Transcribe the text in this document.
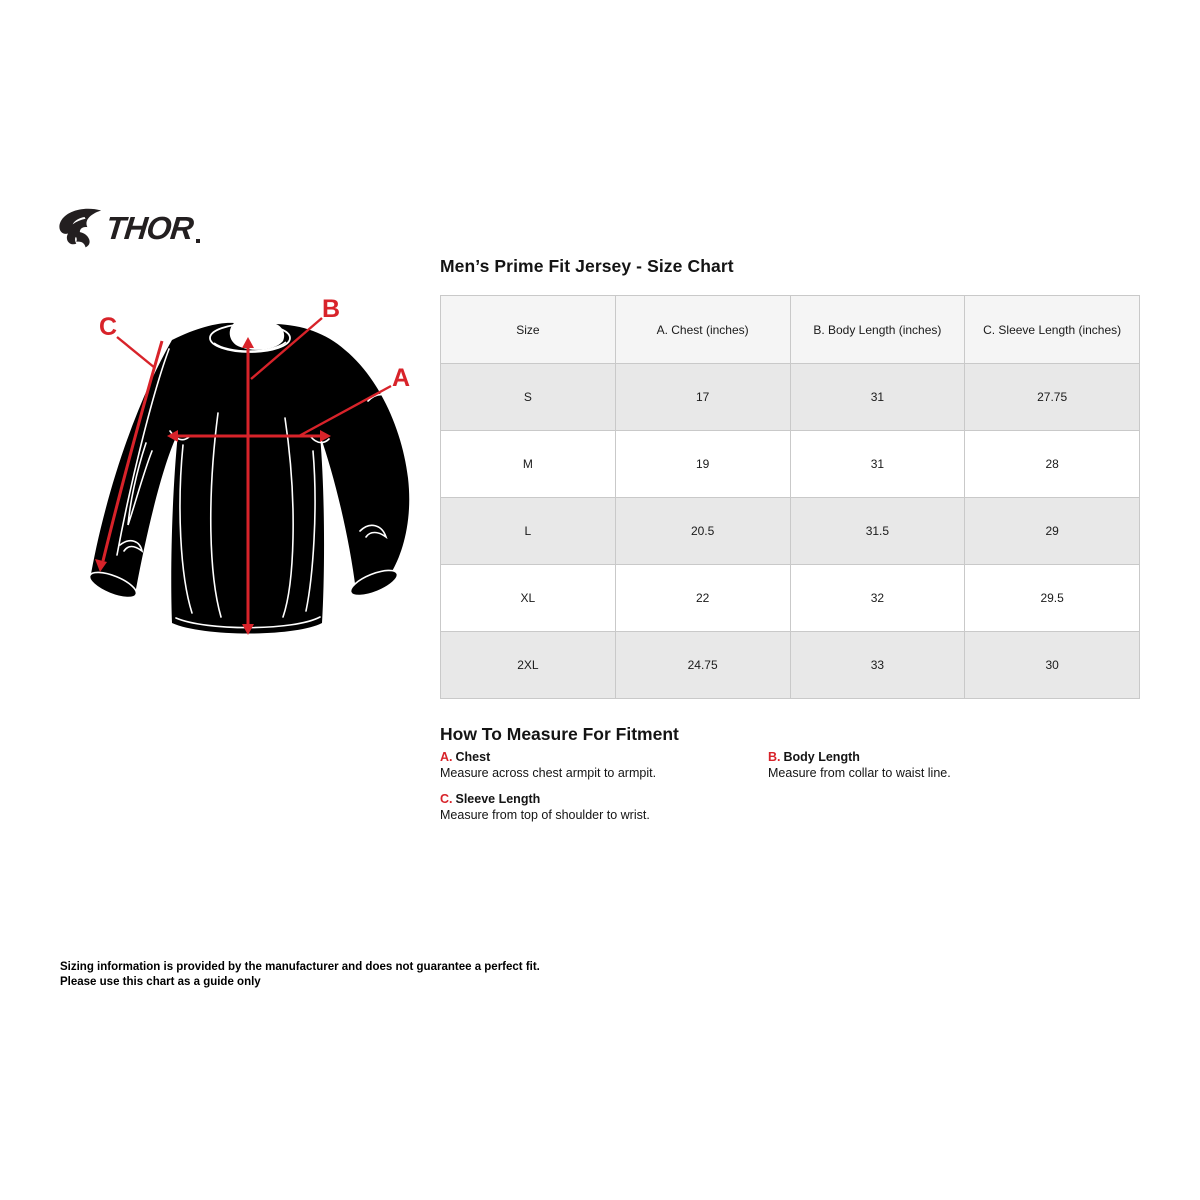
THOR
C
B
A
Men’s Prime Fit Jersey - Size Chart
Size	A. Chest (inches)	B. Body Length (inches)	C. Sleeve Length (inches)
S	17	31	27.75
M	19	31	28
L	20.5	31.5	29
XL	22	32	29.5
2XL	24.75	33	30
How To Measure For Fitment
A. Chest
Measure across chest armpit to armpit.
B. Body Length
Measure from collar to waist line.
C. Sleeve Length
Measure from top of shoulder to wrist.
Sizing information is provided by the manufacturer and does not guarantee a perfect fit.
Please use this chart as a guide only
